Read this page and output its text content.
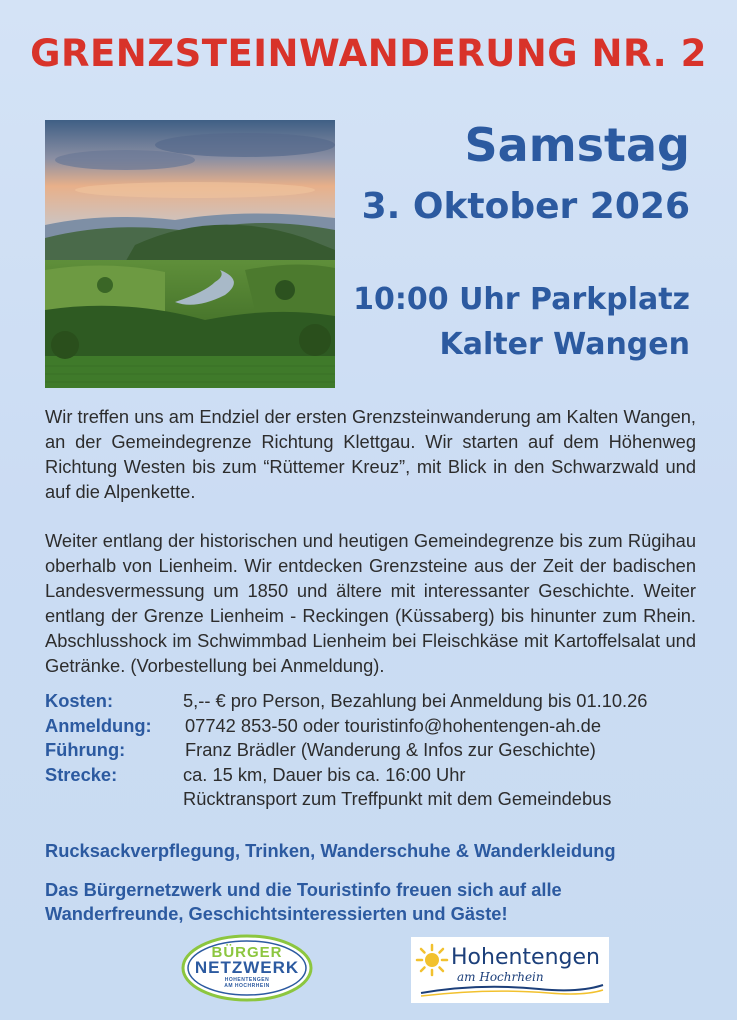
GRENZSTEINWANDERUNG NR. 2
Samstag
3. Oktober 2026
10:00 Uhr Parkplatz
Kalter Wangen

Wir treffen uns am Endziel der ersten Grenzsteinwanderung am Kalten Wangen, an der Gemeindegrenze Richtung Klettgau. Wir starten auf dem Höhenweg Richtung Westen bis zum “Rüttemer Kreuz”, mit Blick in den Schwarzwald und auf die Alpenkette.

Weiter entlang der historischen und heutigen Gemeindegrenze bis zum Rügihau oberhalb von Lienheim. Wir entdecken Grenzsteine aus der Zeit der badischen Landesvermessung um 1850 und ältere mit interessanter Geschichte. Weiter entlang der Grenze Lienheim - Reckingen (Küssaberg) bis hinunter zum Rhein. Abschlusshock im Schwimmbad Lienheim bei Fleischkäse mit Kartoffelsalat und Getränke. (Vorbestellung bei Anmeldung).

Kosten:	5,-- € pro Person, Bezahlung bei Anmeldung bis 01.10.26
Anmeldung: 07742 853-50 oder touristinfo@hohentengen-ah.de
Führung:	Franz Brädler (Wanderung & Infos zur Geschichte)
Strecke:	ca. 15 km, Dauer bis ca. 16:00 Uhr
Rücktransport zum Treffpunkt mit dem Gemeindebus
Rucksackverpflegung, Trinken, Wanderschuhe & Wanderkleidung
Das Bürgernetzwerk und die Touristinfo freuen sich auf alle Wanderfreunde, Geschichtsinteressierten und Gäste!
BÜRGER
NETZWERK
HOHENTENGEN
AM HOCHRHEIN
Hohentengen
am Hochrhein
